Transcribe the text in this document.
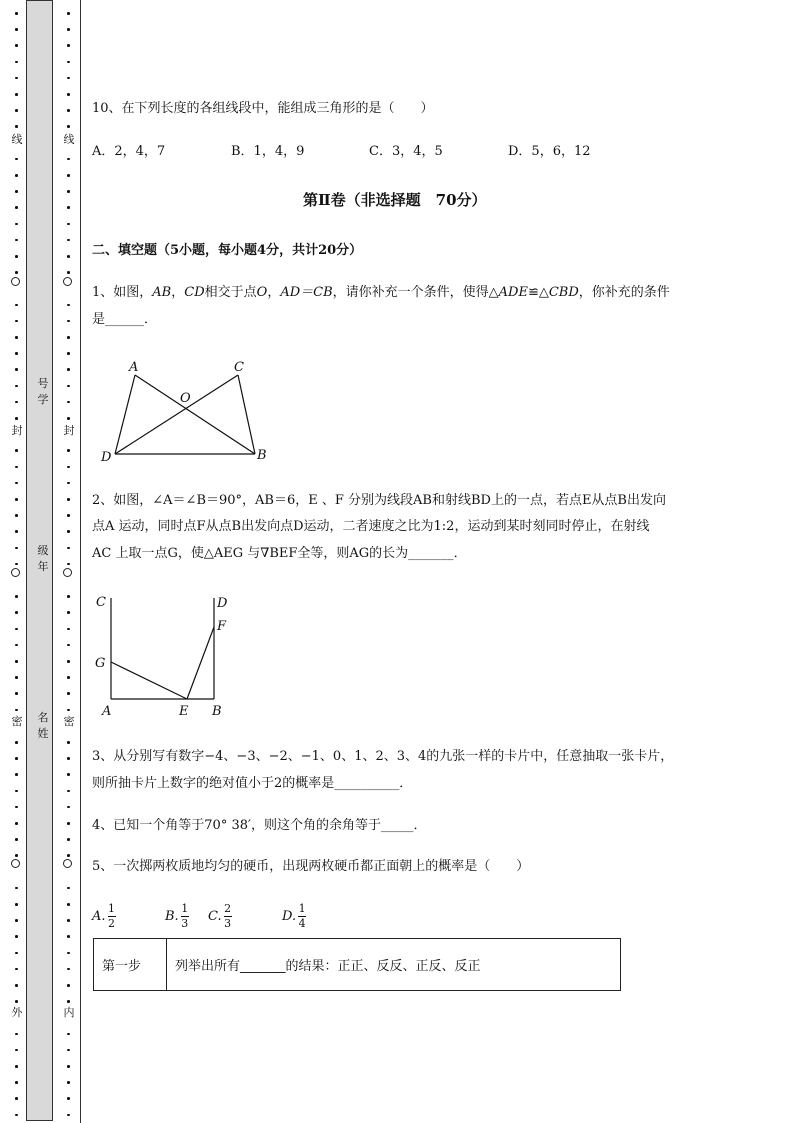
线
封
密
外
线
封
密
内
号
学
级
年
名
姓
10、在下列长度的各组线段中，能组成三角形的是（　　）
A．2，4，7	B．1，4，9	C．3，4，5	D．5，6，12
第Ⅱ卷（非选择题　70分）
二、填空题（5小题，每小题4分，共计20分）
1、如图，AB，CD相交于点O，AD＝CB，请你补充一个条件，使得△ADE≌△CBD，你补充的条件
是______．
A	C
O
D	B
2、如图，∠A＝∠B＝90°，AB＝6，E 、F 分别为线段AB和射线BD上的一点，若点E从点B出发向
点A 运动，同时点F从点B出发向点D运动，二者速度之比为1:2，运动到某时刻同时停止，在射线
AC 上取一点G，使△AEG 与∇BEF全等，则AG的长为_______．
C	D
F
G
A	E B
3、从分别写有数字−4、−3、−2、−1、0、1、2、3、4的九张一样的卡片中，任意抽取一张卡片，
则所抽卡片上数字的绝对值小于2的概率是__________．
4、已知一个角等于70° 38′，则这个角的余角等于_____．
5、一次掷两枚质地均匀的硬币，出现两枚硬币都正面朝上的概率是（　　）
A. $\frac{1}{2}$	B. $\frac{1}{3} C$. $\frac{2}{3}$	D. $\frac{1}{4}$
第一步	列举出所有_______的结果：正正、反反、正反、反正
